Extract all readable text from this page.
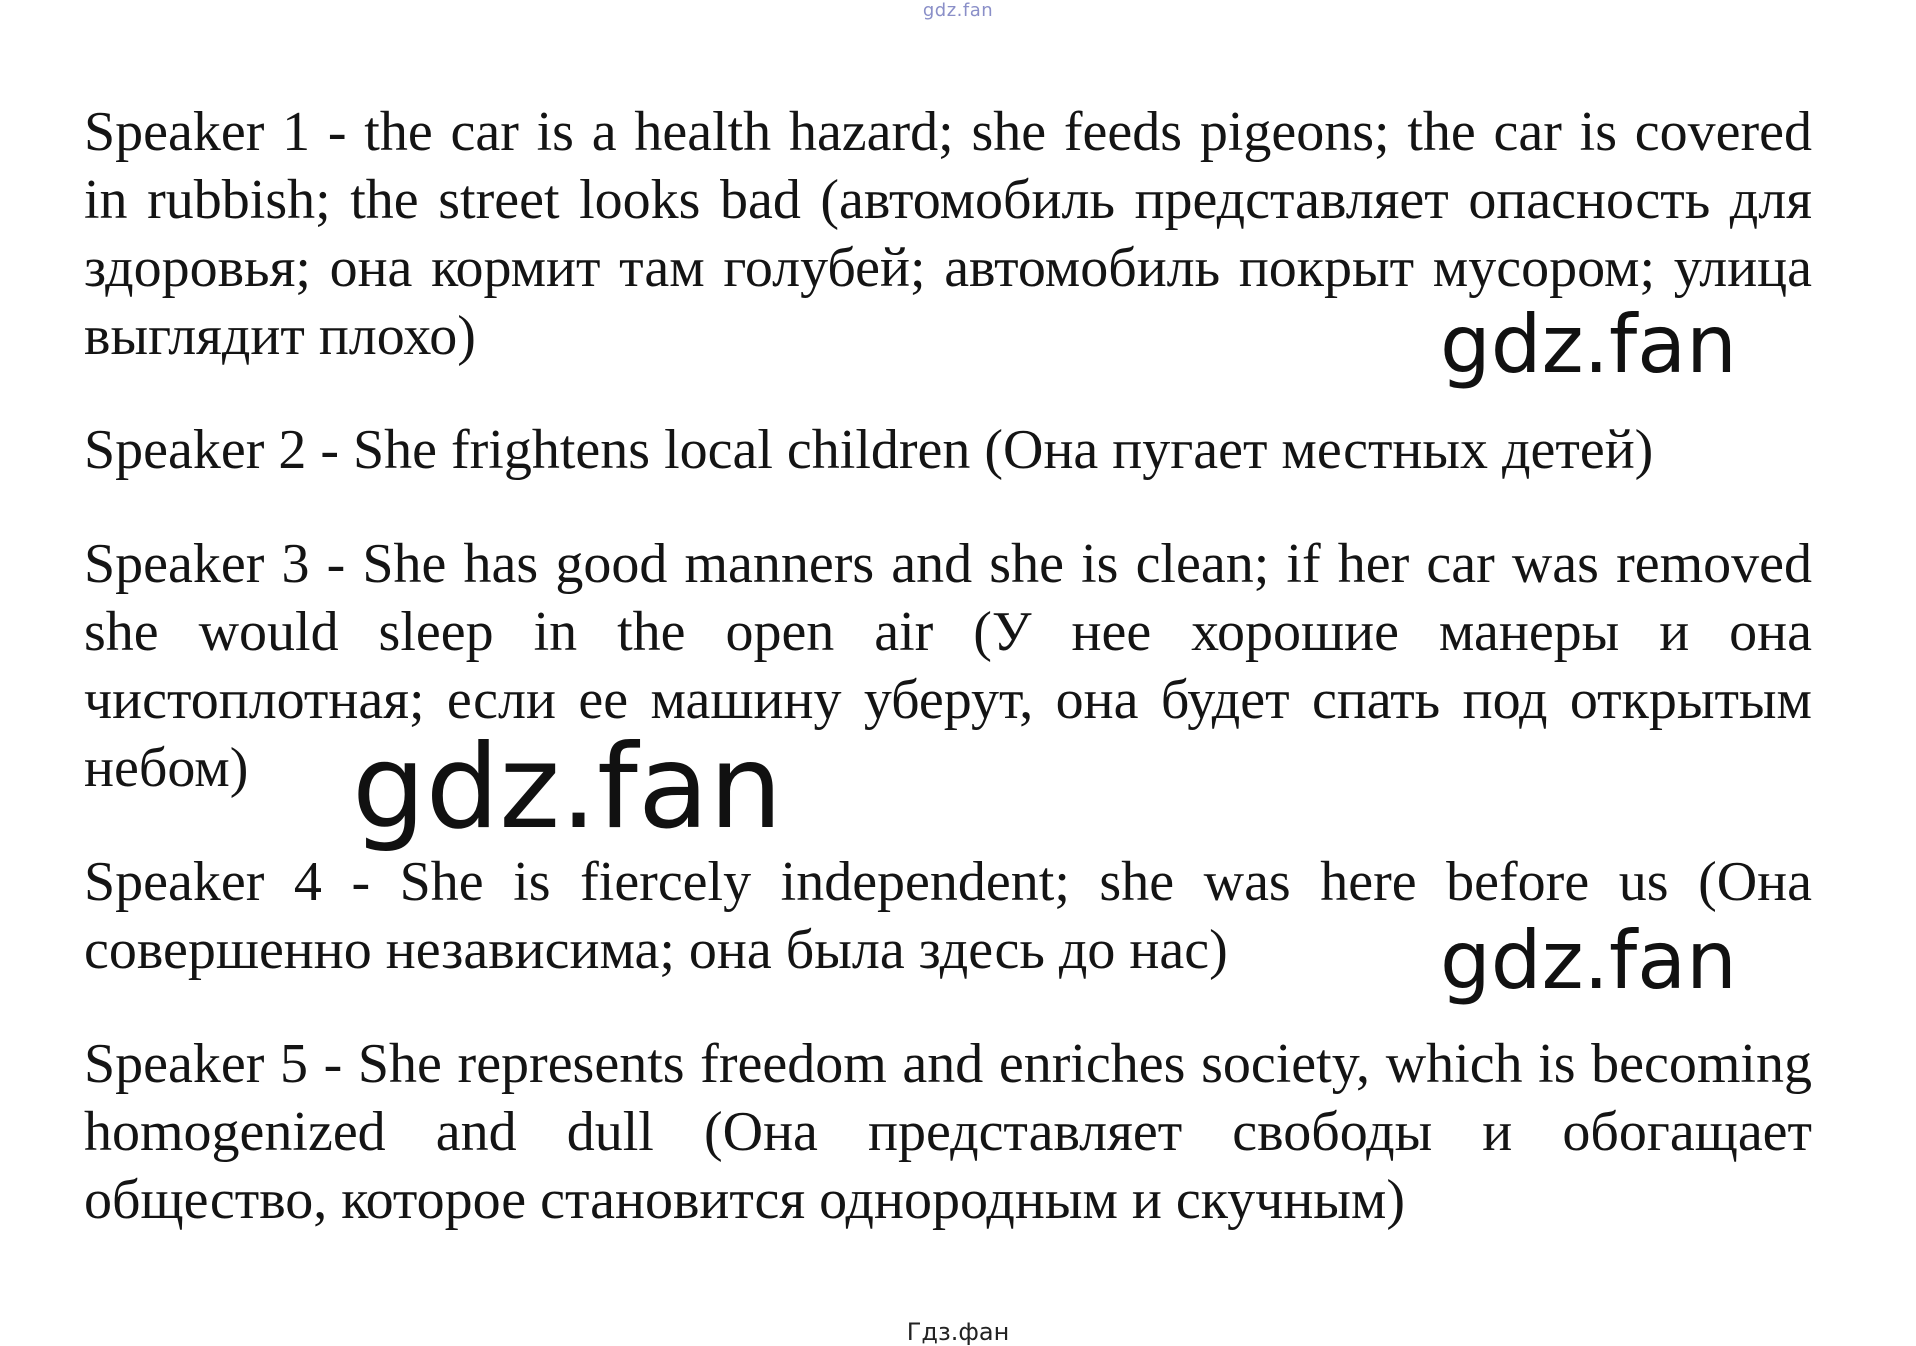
gdz.fan

Speaker 1 - the car is a health hazard; she feeds pigeons; the car is covered in rubbish; the street looks bad (автомобиль представляет опасность для здоровья; она кормит там голубей; автомобиль покрыт мусором; улица выглядит плохо)

Speaker 2 - She frightens local children (Она пугает местных детей)

Speaker 3 - She has good manners and she is clean; if her car was removed she would sleep in the open air (У нее хорошие манеры и она чистоплотная; если ее машину уберут, она будет спать под открытым небом)

Speaker 4 - She is fiercely independent; she was here before us (Она совершенно независима; она была здесь до нас)

Speaker 5 - She represents freedom and enriches society, which is becoming homogenized and dull (Она представляет свободы и обогащает общество, которое становится однородным и скучным)

gdz.fan
gdz.fan
gdz.fan
Гдз.фан
